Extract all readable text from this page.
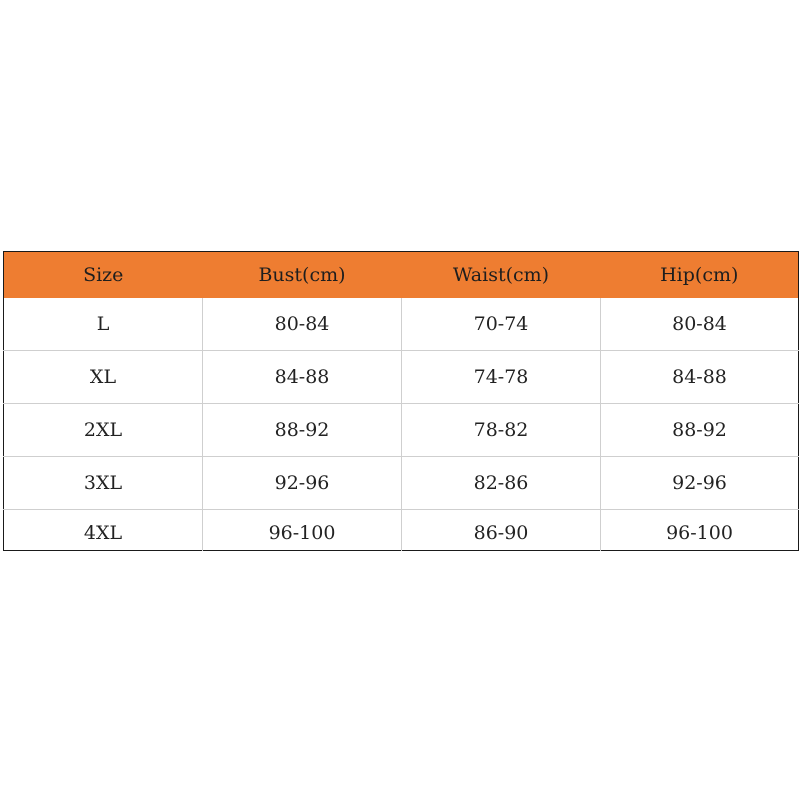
Size	Bust(cm)	Waist(cm)	Hip(cm)
L	80-84	70-74	80-84
XL	84-88	74-78	84-88
2XL	88-92	78-82	88-92
3XL	92-96	82-86	92-96
4XL	96-100	86-90	96-100
